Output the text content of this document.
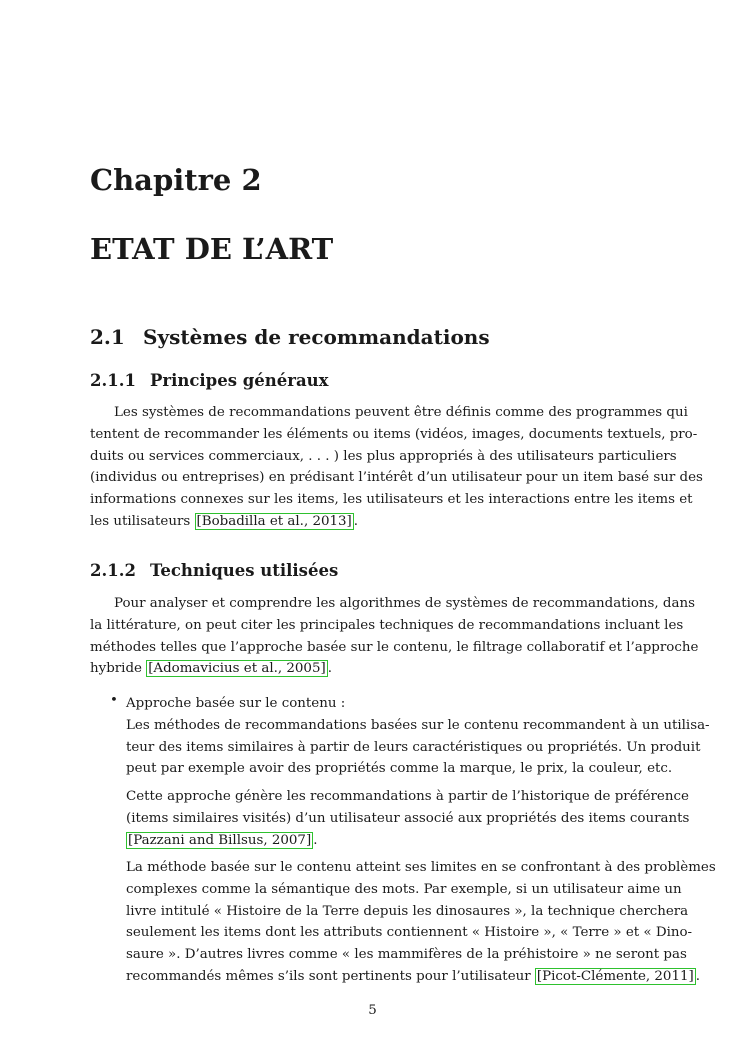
Chapitre 2
ETAT DE L’ART
2.1 Systèmes de recommandations
2.1.1 Principes généraux
Les systèmes de recommandations peuvent être définis comme des programmes qui
tentent de recommander les éléments ou items (vidéos, images, documents textuels, pro-
duits ou services commerciaux, . . . ) les plus appropriés à des utilisateurs particuliers
(individus ou entreprises) en prédisant l’intérêt d’un utilisateur pour un item basé sur des
informations connexes sur les items, les utilisateurs et les interactions entre les items et
les utilisateurs [Bobadilla et al., 2013] .
2.1.2 Techniques utilisées
Pour analyser et comprendre les algorithmes de systèmes de recommandations, dans
la littérature, on peut citer les principales techniques de recommandations incluant les
méthodes telles que l’approche basée sur le contenu, le filtrage collaboratif et l’approche
hybride [Adomavicius et al., 2005] .
• Approche basée sur le contenu :
Les méthodes de recommandations basées sur le contenu recommandent à un utilisa-
teur des items similaires à partir de leurs caractéristiques ou propriétés. Un produit
peut par exemple avoir des propriétés comme la marque, le prix, la couleur, etc.
Cette approche génère les recommandations à partir de l’historique de préférence
(items similaires visités) d’un utilisateur associé aux propriétés des items courants
[Pazzani and Billsus, 2007] .
La méthode basée sur le contenu atteint ses limites en se confrontant à des problèmes
complexes comme la sémantique des mots. Par exemple, si un utilisateur aime un
livre intitulé « Histoire de la Terre depuis les dinosaures », la technique cherchera
seulement les items dont les attributs contiennent « Histoire », « Terre » et « Dino-
saure ». D’autres livres comme « les mammifères de la préhistoire » ne seront pas
recommandés mêmes s’ils sont pertinents pour l’utilisateur [Picot-Clémente, 2011] .
5
